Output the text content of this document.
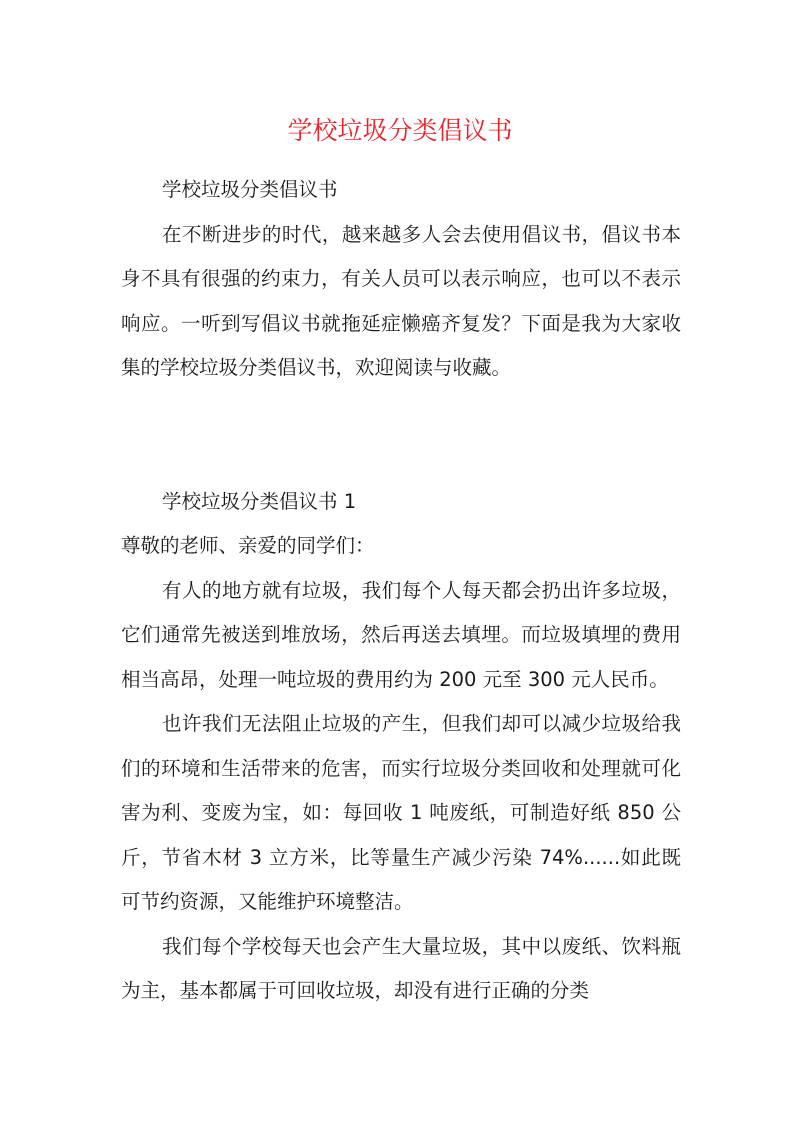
学校垃圾分类倡议书

学校垃圾分类倡议书

在不断进步的时代，越来越多人会去使用倡议书，倡议书本身不具有很强的约束力，有关人员可以表示响应，也可以不表示响应。一听到写倡议书就拖延症懒癌齐复发？下面是我为大家收集的学校垃圾分类倡议书，欢迎阅读与收藏。

学校垃圾分类倡议书 1

尊敬的老师、亲爱的同学们：

有人的地方就有垃圾，我们每个人每天都会扔出许多垃圾，它们通常先被送到堆放场，然后再送去填埋。而垃圾填埋的费用相当高昂，处理一吨垃圾的费用约为 200 元至 300 元人民币。

也许我们无法阻止垃圾的产生，但我们却可以减少垃圾给我们的环境和生活带来的危害，而实行垃圾分类回收和处理就可化害为利、变废为宝，如：每回收 1 吨废纸，可制造好纸 850 公斤，节省木材 3 立方米，比等量生产减少污染 74%......如此既可节约资源，又能维护环境整洁。

我们每个学校每天也会产生大量垃圾，其中以废纸、饮料瓶为主，基本都属于可回收垃圾，却没有进行正确的分类
